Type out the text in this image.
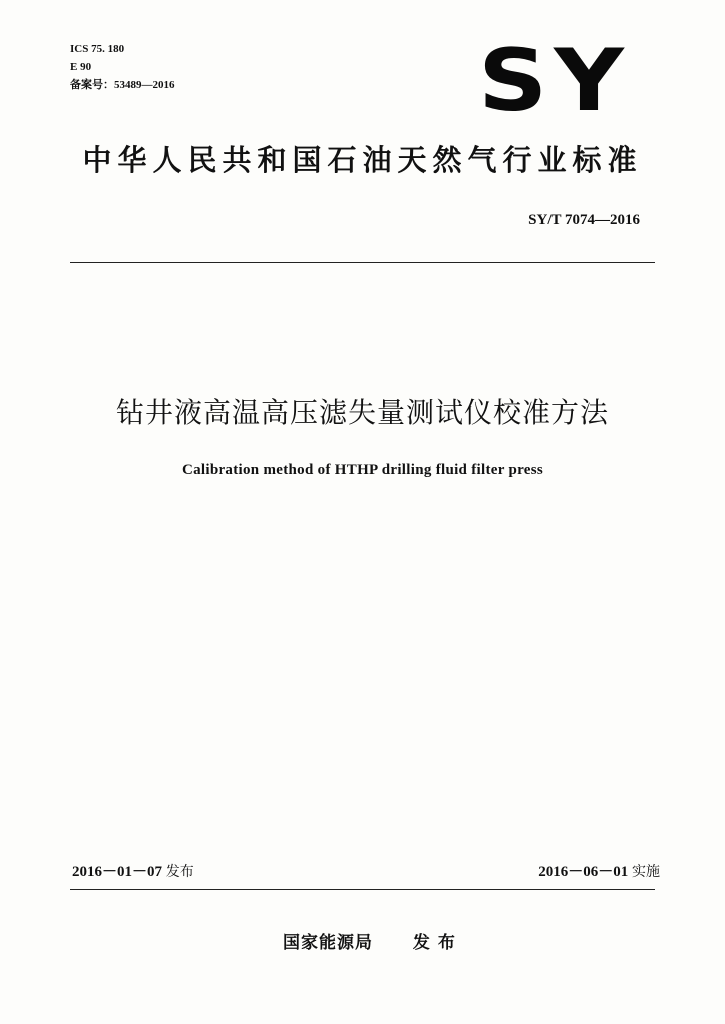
ICS 75. 180
E 90
备案号：53489—2016	SY
中华人民共和国石油天然气行业标准
SY/T 7074—2016
钻井液高温高压滤失量测试仪校准方法
Calibration method of HTHP drilling fluid filter press
2016－01－07 发布	2016－06－01 实施
国家能源局 发布
